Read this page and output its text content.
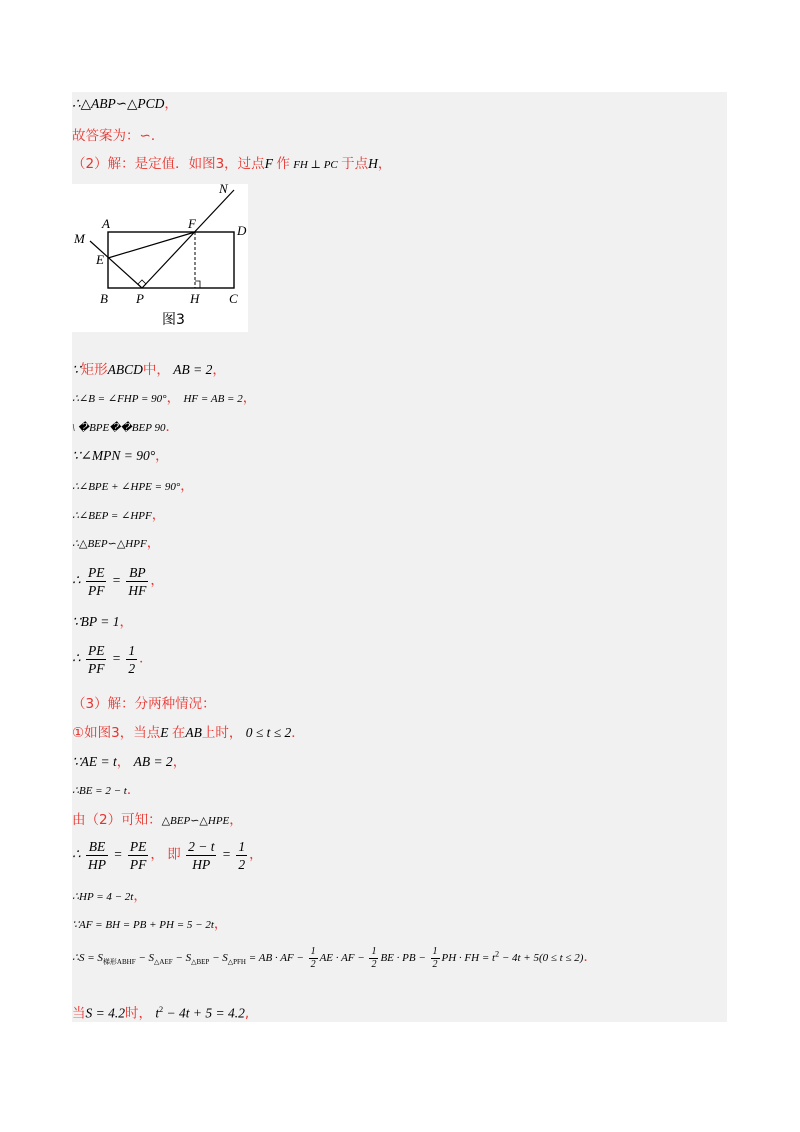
∴△ABP∽△PCD，
故答案为：∽．
（2）解：是定值．如图3，过点F 作 FH ⊥ PC 于点H，
A
B	C
D
E
F
H
M
N
P
图3
∵矩形ABCD中， AB = 2，
∴∠B = ∠FHP = 90°， HF = AB = 2，
\ �BPE��BEP 90．
∵∠MPN = 90°，
∴∠BPE + ∠HPE = 90°，
∴∠BEP = ∠HPF，
∴△BEP∽△HPF，
∴ $\frac{PE}{PF} = \frac{BP}{HF}$ ，
∵BP = 1，
∴ $\frac{PE}{PF} = \frac{1}{2}$ ．
（3）解：分两种情况：
①如图3，当点E 在AB上时， 0 ≤ t ≤ 2．
∵AE = t， AB = 2，
∴BE = 2 − t．
由（2）可知：△BEP∽△HPE，
∴ $\frac{BE}{HP} = \frac{PE}{PF}$ ， 即 $\frac{2 - t}{HP} = \frac{1}{2}$ ，
∴HP = 4 − 2t，
∵AF = BH = PB + PH = 5 − 2t，
∴S = $S_{梯形ABHF} - S_{\triangle AEF} - S_{\triangle BEP} - S_{\triangle PFH}$ = AB · AF − $\frac{1}{2}$ AE · AF − $\frac{1}{2}$ BE · PB − $\frac{1}{2}$ PH · FH = $t^2 - 4t + 5(0 \le t \le 2)$．
当S = 4.2时， $t^2 - 4t + 5 = 4.2$,
